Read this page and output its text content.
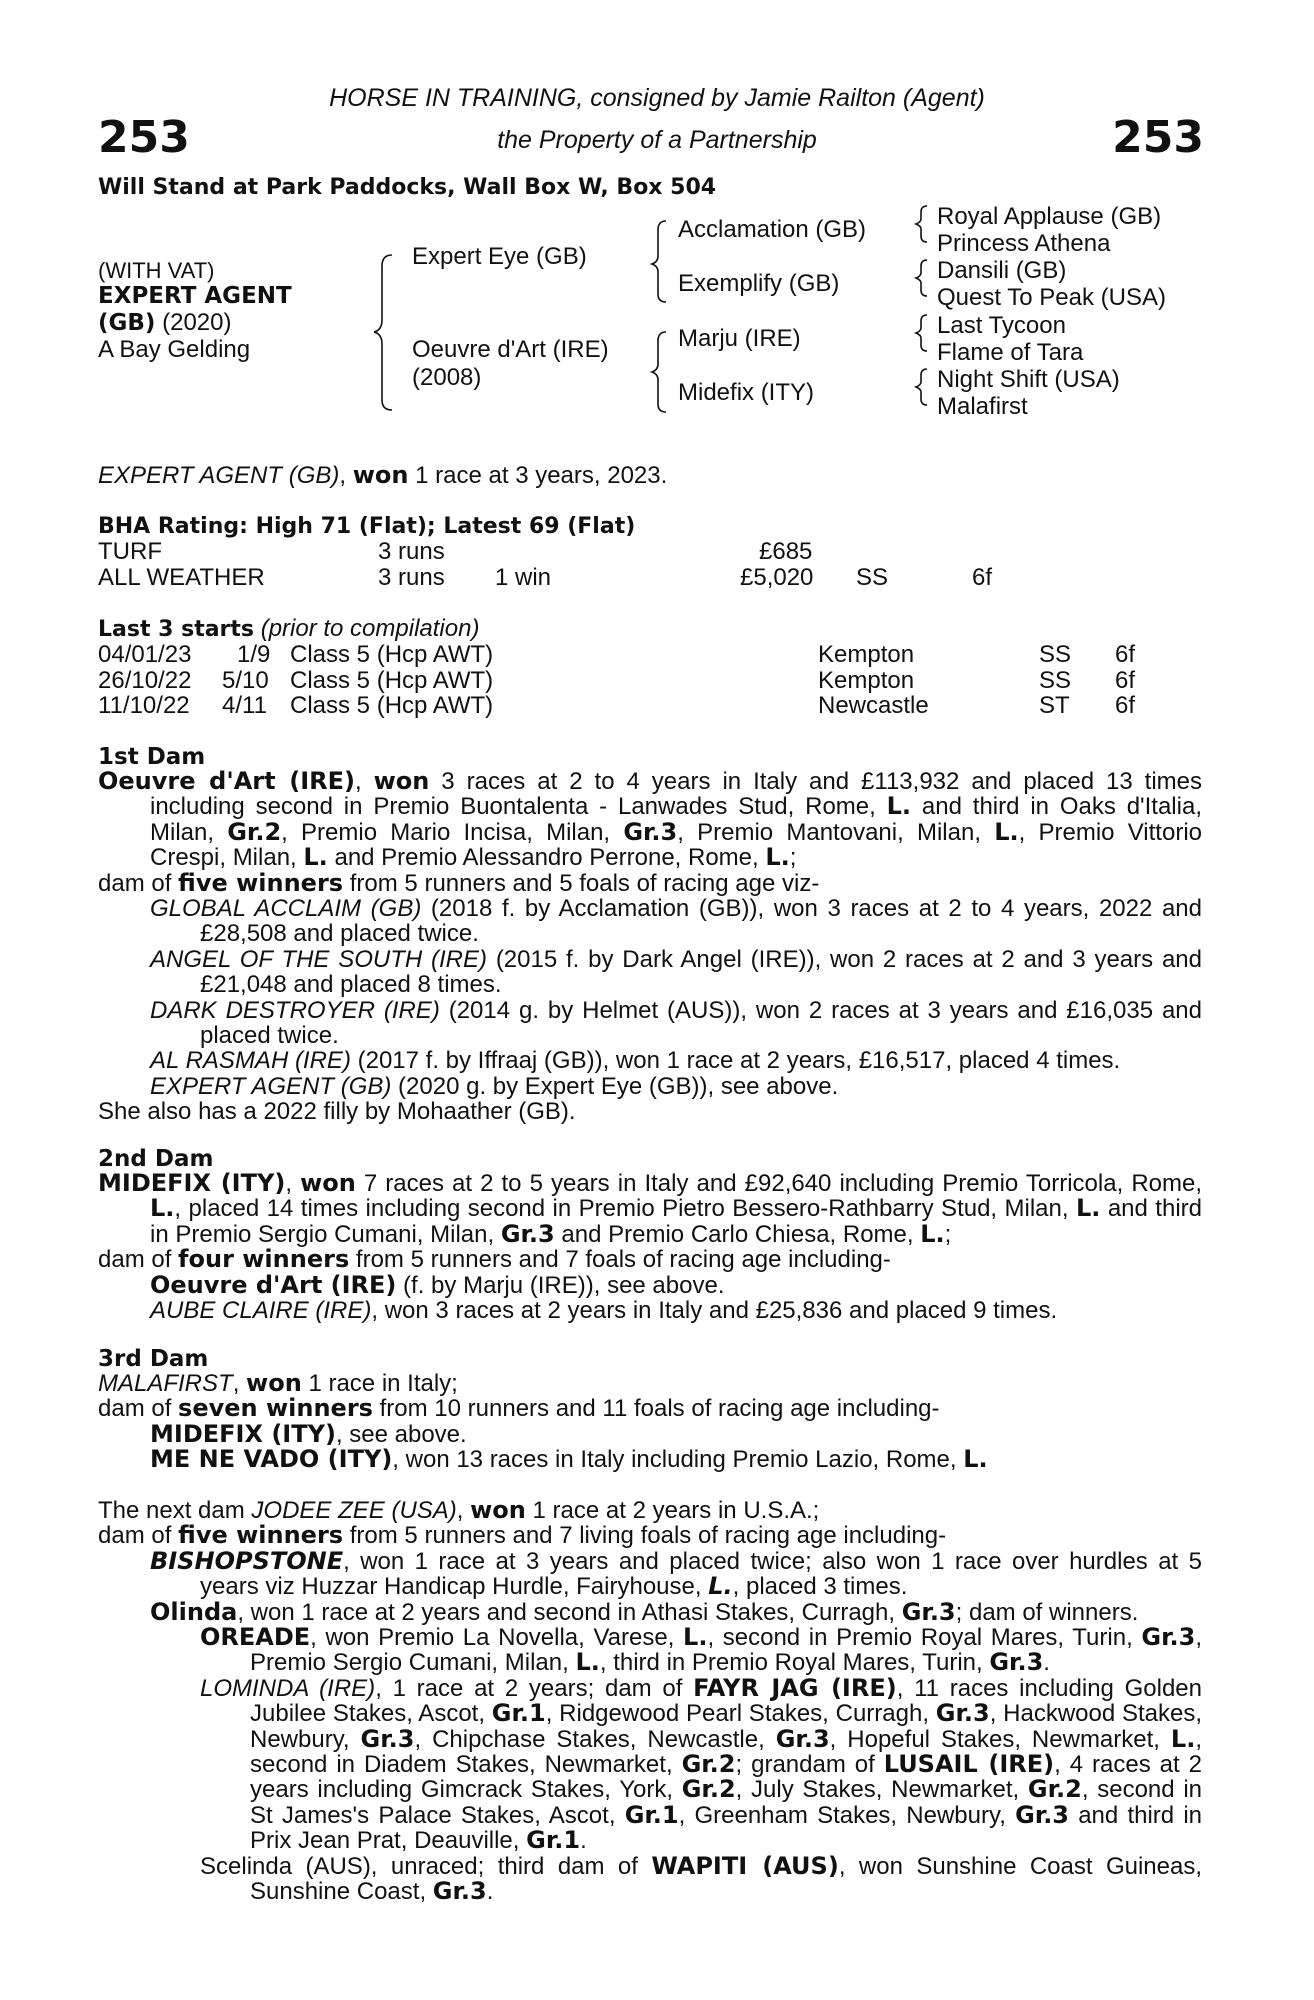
253	253
HORSE IN TRAINING, consigned by Jamie Railton (Agent)
the Property of a Partnership
Will Stand at Park Paddocks, Wall Box W, Box 504
(WITH VAT)
EXPERT AGENT
(GB) (2020)
A Bay Gelding
Expert Eye (GB)
Oeuvre d'Art (IRE)
(2008)
Acclamation (GB)
Exemplify (GB)
Marju (IRE)
Midefix (ITY)
Royal Applause (GB)
Princess Athena
Dansili (GB)
Quest To Peak (USA)
Last Tycoon
Flame of Tara
Night Shift (USA)
Malafirst
EXPERT AGENT (GB), won 1 race at 3 years, 2023.
BHA Rating: High 71 (Flat); Latest 69 (Flat)
TURF	3 runs	£685
ALL WEATHER	3 runs 1 win	£5,020 SS	6f
Last 3 starts (prior to compilation)
04/01/23 1/9 Class 5 (Hcp AWT)	Kempton	SS 6f
26/10/22 5/10 Class 5 (Hcp AWT)	Kempton	SS 6f
11/10/22 4/11 Class 5 (Hcp AWT)	Newcastle	ST 6f
1st Dam

Oeuvre d'Art (IRE), won 3 races at 2 to 4 years in Italy and £113,932 and placed 13 times including second in Premio Buontalenta - Lanwades Stud, Rome, L. and third in Oaks d'Italia, Milan, Gr.2, Premio Mario Incisa, Milan, Gr.3, Premio Mantovani, Milan, L., Premio Vittorio Crespi, Milan, L. and Premio Alessandro Perrone, Rome, L.;

dam of five winners from 5 runners and 5 foals of racing age viz-

GLOBAL ACCLAIM (GB) (2018 f. by Acclamation (GB)), won 3 races at 2 to 4 years, 2022 and £28,508 and placed twice.

ANGEL OF THE SOUTH (IRE) (2015 f. by Dark Angel (IRE)), won 2 races at 2 and 3 years and £21,048 and placed 8 times.

DARK DESTROYER (IRE) (2014 g. by Helmet (AUS)), won 2 races at 3 years and £16,035 and placed twice.

AL RASMAH (IRE) (2017 f. by Iffraaj (GB)), won 1 race at 2 years, £16,517, placed 4 times.

EXPERT AGENT (GB) (2020 g. by Expert Eye (GB)), see above.

She also has a 2022 filly by Mohaather (GB).

2nd Dam

MIDEFIX (ITY), won 7 races at 2 to 5 years in Italy and £92,640 including Premio Torricola, Rome, L., placed 14 times including second in Premio Pietro Bessero-Rathbarry Stud, Milan, L. and third in Premio Sergio Cumani, Milan, Gr.3 and Premio Carlo Chiesa, Rome, L.;

dam of four winners from 5 runners and 7 foals of racing age including-

Oeuvre d'Art (IRE) (f. by Marju (IRE)), see above.

AUBE CLAIRE (IRE), won 3 races at 2 years in Italy and £25,836 and placed 9 times.

3rd Dam

MALAFIRST, won 1 race in Italy;

dam of seven winners from 10 runners and 11 foals of racing age including-

MIDEFIX (ITY), see above.

ME NE VADO (ITY), won 13 races in Italy including Premio Lazio, Rome, L.

The next dam JODEE ZEE (USA), won 1 race at 2 years in U.S.A.;

dam of five winners from 5 runners and 7 living foals of racing age including-

BISHOPSTONE, won 1 race at 3 years and placed twice; also won 1 race over hurdles at 5 years viz Huzzar Handicap Hurdle, Fairyhouse, L., placed 3 times.

Olinda, won 1 race at 2 years and second in Athasi Stakes, Curragh, Gr.3; dam of winners.

OREADE, won Premio La Novella, Varese, L., second in Premio Royal Mares, Turin, Gr.3, Premio Sergio Cumani, Milan, L., third in Premio Royal Mares, Turin, Gr.3.

LOMINDA (IRE), 1 race at 2 years; dam of FAYR JAG (IRE), 11 races including Golden Jubilee Stakes, Ascot, Gr.1, Ridgewood Pearl Stakes, Curragh, Gr.3, Hackwood Stakes, Newbury, Gr.3, Chipchase Stakes, Newcastle, Gr.3, Hopeful Stakes, Newmarket, L., second in Diadem Stakes, Newmarket, Gr.2; grandam of LUSAIL (IRE), 4 races at 2 years including Gimcrack Stakes, York, Gr.2, July Stakes, Newmarket, Gr.2, second in St James's Palace Stakes, Ascot, Gr.1, Greenham Stakes, Newbury, Gr.3 and third in Prix Jean Prat, Deauville, Gr.1.

Scelinda (AUS), unraced; third dam of WAPITI (AUS), won Sunshine Coast Guineas, Sunshine Coast, Gr.3.
